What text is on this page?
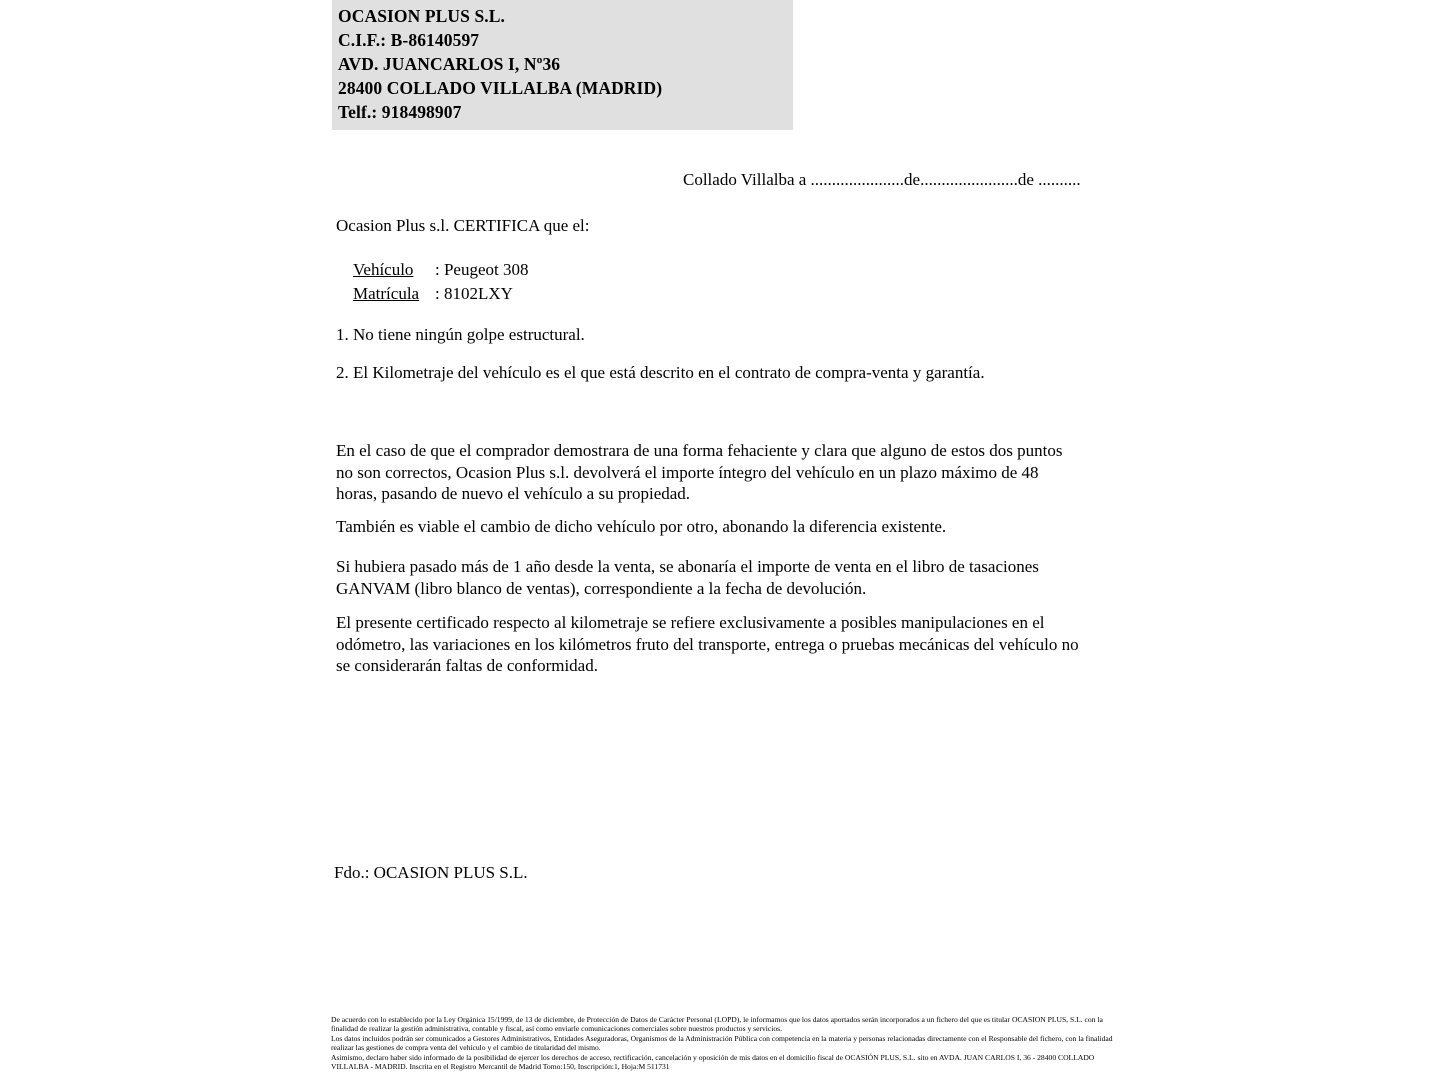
OCASION PLUS S.L.
C.I.F.: B-86140597
AVD. JUANCARLOS I, Nº36
28400 COLLADO VILLALBA (MADRID)
Telf.: 918498907
Collado Villalba a ......................de.......................de ..........
Ocasion Plus s.l. CERTIFICA que el:

Vehículo : Peugeot 308

Matrícula : 8102LXY

1. No tiene ningún golpe estructural.
2. El Kilometraje del vehículo es el que está descrito en el contrato de compra-venta y garantía.
En el caso de que el comprador demostrara de una forma fehaciente y clara que alguno de estos dos puntos no son correctos, Ocasion Plus s.l. devolverá el importe íntegro del vehículo en un plazo máximo de 48 horas, pasando de nuevo el vehículo a su propiedad.
También es viable el cambio de dicho vehículo por otro, abonando la diferencia existente.
Si hubiera pasado más de 1 año desde la venta, se abonaría el importe de venta en el libro de tasaciones GANVAM (libro blanco de ventas), correspondiente a la fecha de devolución.
El presente certificado respecto al kilometraje se refiere exclusivamente a posibles manipulaciones en el odómetro, las variaciones en los kilómetros fruto del transporte, entrega o pruebas mecánicas del vehículo no se considerarán faltas de conformidad.
Fdo.: OCASION PLUS S.L.

De acuerdo con lo establecido por la Ley Orgánica 15/1999, de 13 de diciembre, de Protección de Datos de Carácter Personal (LOPD), le informamos que los datos aportados serán incorporados a un fichero del que es titular OCASION PLUS, S.L. con la finalidad de realizar la gestión administrativa, contable y fiscal, así como enviarle comunicaciones comerciales sobre nuestros productos y servicios.

Los datos incluidos podrán ser comunicados a Gestores Administrativos, Entidades Aseguradoras, Organismos de la Administración Pública con competencia en la materia y personas relacionadas directamente con el Responsable del fichero, con la finalidad realizar las gestiones de compra venta del vehículo y el cambio de titularidad del mismo.

Asimismo, declaro haber sido informado de la posibilidad de ejercer los derechos de acceso, rectificación, cancelación y oposición de mis datos en el domicilio fiscal de OCASIÓN PLUS, S.L. sito en AVDA. JUAN CARLOS I, 36 - 28400 COLLADO VILLALBA - MADRID. Inscrita en el Registro Mercantil de Madrid Tomo:150, Inscripción:1, Hoja:M 511731
